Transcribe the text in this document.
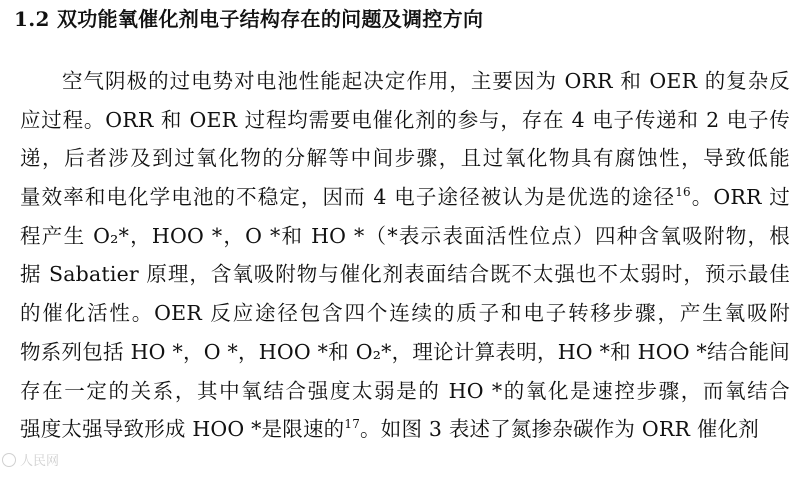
1.2 双功能氧催化剂电子结构存在的问题及调控方向
空气阴极的过电势对电池性能起决定作用，主要因为 ORR 和 OER 的复杂反
应过程。ORR 和 OER 过程均需要电催化剂的参与，存在 4 电子传递和 2 电子传
递，后者涉及到过氧化物的分解等中间步骤，且过氧化物具有腐蚀性，导致低能
量效率和电化学电池的不稳定，因而 4 电子途径被认为是优选的途径$^{16}$。ORR 过
程产生 O₂*，HOO *，O *和 HO *（*表示表面活性位点）四种含氧吸附物，根
据 Sabatier 原理，含氧吸附物与催化剂表面结合既不太强也不太弱时，预示最佳
的催化活性。OER 反应途径包含四个连续的质子和电子转移步骤，产生氧吸附
物系列包括 HO *，O *，HOO *和 O₂*，理论计算表明，HO *和 HOO *结合能间
存在一定的关系，其中氧结合强度太弱是的 HO *的氧化是速控步骤，而氧结合
强度太强导致形成 HOO *是限速的$^{17}$。如图 3 表述了氮掺杂碳作为 ORR 催化剂
人民网
